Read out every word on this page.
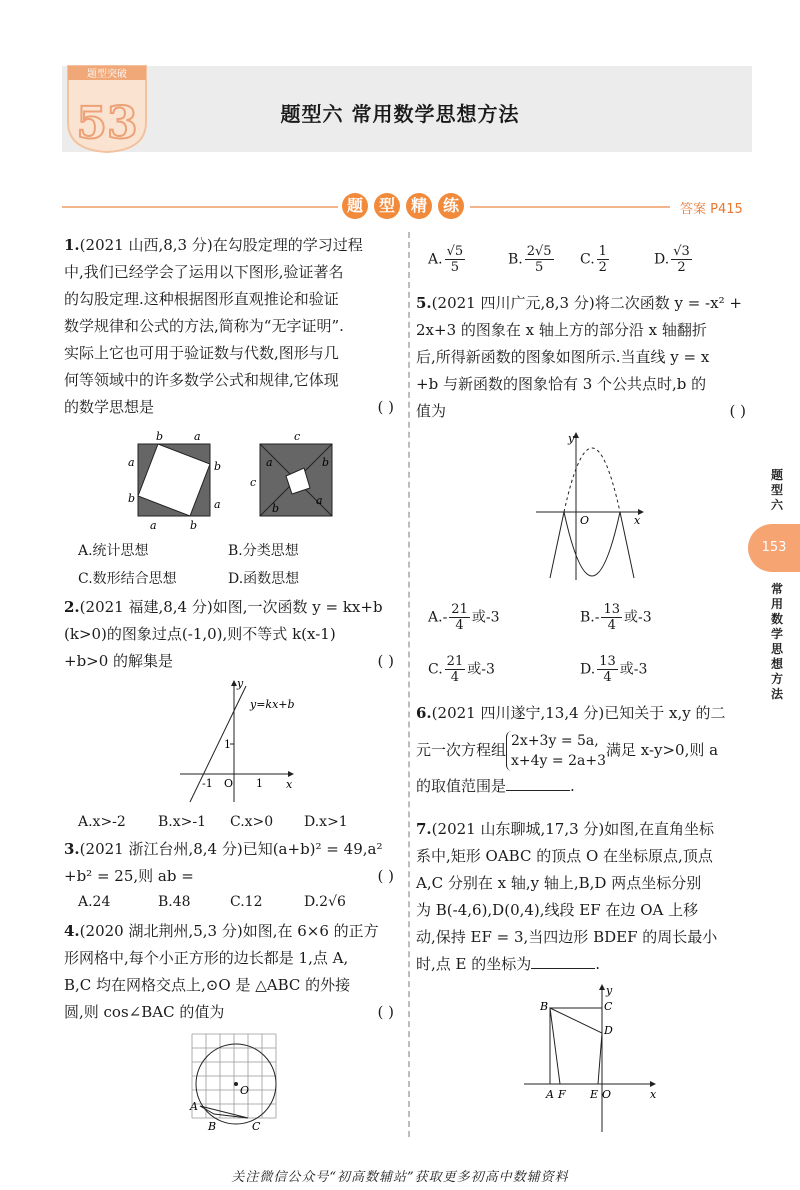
53
题型突破
题型六 常用数学思想方法
题 型 精 练	答案 P415
题
型
六
153
常
用
数
学
思
想
方
法
1.(2021 山西,8,3 分)在勾股定理的学习过程
中,我们已经学会了运用以下图形,验证著名
的勾股定理.这种根据图形直观推论和验证
数学规律和公式的方法,简称为“无字证明”.
实际上它也可用于验证数与代数,图形与几
何等领域中的许多数学公式和规律,它体现
的数学思想是	( )
b	a
a	b
b	a
a	b
a	b
c
a
b
c
A.统计思想	B.分类思想
C.数形结合思想	D.函数思想
2.(2021 福建,8,4 分)如图,一次函数 y = kx+b
(k>0)的图象过点(-1,0),则不等式 k(x-1)
+b>0 的解集是	( )
y
x
y=kx+b
1
-1 O 1
A.x>-2 B.x>-1 C.x>0 D.x>1
3.(2021 浙江台州,8,4 分)已知(a+b)² = 49,a²
+b² = 25,则 ab =	( )
A.24	B.48	C.12	D.2√6
4.(2020 湖北荆州,5,3 分)如图,在 6×6 的正方
形网格中,每个小正方形的边长都是 1,点 A,
B,C 均在网格交点上,⊙O 是 △ABC 的外接
圆,则 cos∠BAC 的值为	( )
O
A
B	C
A. $\frac{√5}{5}$	B. $\frac{2√5}{5} C$. $\frac{1}{2}$	D. $\frac{√3}{2}$
5.(2021 四川广元,8,3 分)将二次函数 y = -x² +
2x+3 的图象在 x 轴上方的部分沿 x 轴翻折
后,所得新函数的图象如图所示.当直线 y = x
+b 与新函数的图象恰有 3 个公共点时,b 的
值为	( )
y
x
O
$A.- \frac{21}{4}$ 或-3	$B.- \frac{13}{4}$ 或-3
C. $\frac{21}{4}$ 或-3	D. $\frac{13}{4}$ 或-3
6.(2021 四川遂宁,13,4 分)已知关于 x,y 的二
元一次方程组 2x+3y = 5a,
x+4y = 2a+3
满足 x-y>0,则 a
的取值范围是	.
7.(2021 山东聊城,17,3 分)如图,在直角坐标
系中,矩形 OABC 的顶点 O 在坐标原点,顶点
A,C 分别在 x 轴,y 轴上,B,D 两点坐标分别
为 B(-4,6),D(0,4),线段 EF 在边 OA 上移
动,保持 EF = 3,当四边形 BDEF 的周长最小
时,点 E 的坐标为	.
B	C
D
y
x
A F E O
关注微信公众号“初高数辅站”获取更多初高中数辅资料
